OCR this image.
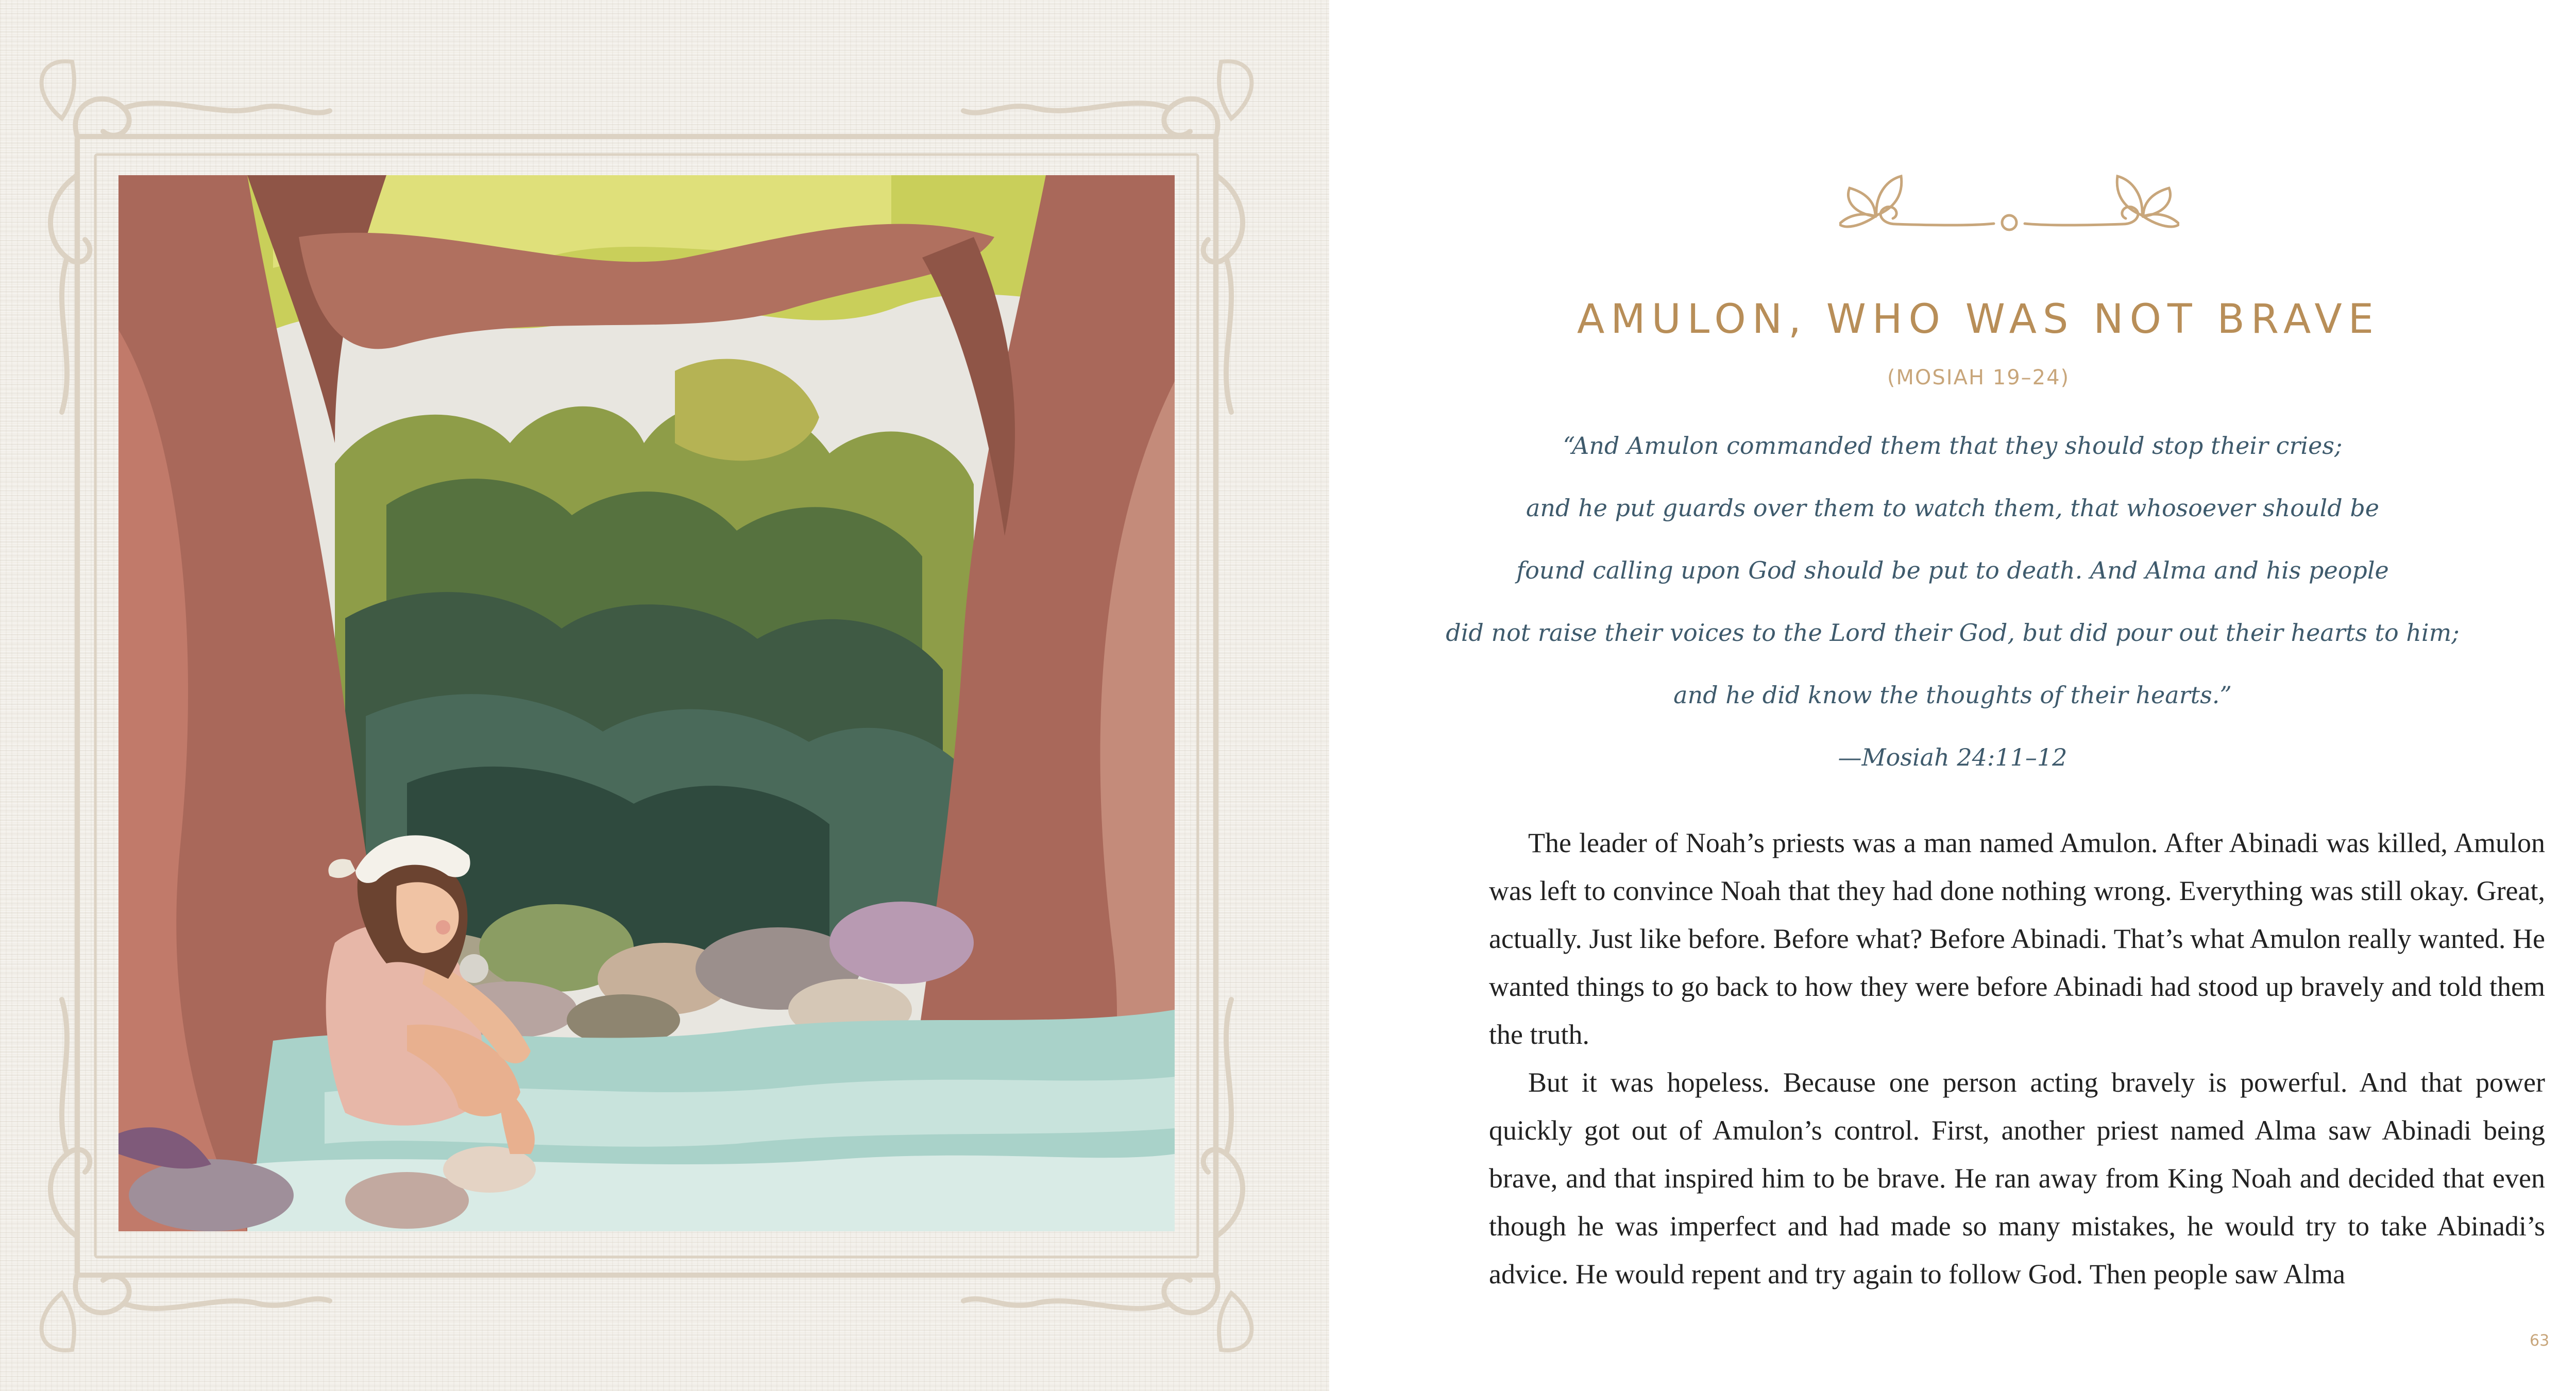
AMULON, WHO WAS NOT BRAVE
(MOSIAH 19–24)
“And Amulon commanded them that they should stop their cries;
and he put guards over them to watch them, that whosoever should be
found calling upon God should be put to death. And Alma and his people
did not raise their voices to the Lord their God, but did pour out their hearts to him;
and he did know the thoughts of their hearts.”
—Mosiah 24:11–12

The leader of Noah’s priests was a man named Amulon. After Abinadi was killed, Amulon was left to convince Noah that they had done nothing wrong. Everything was still okay. Great, actually. Just like before. Before what? Before Abinadi. That’s what Amulon really wanted. He wanted things to go back to how they were before Abinadi had stood up bravely and told them the truth.

But it was hopeless. Because one person acting bravely is powerful. And that power quickly got out of Amulon’s control. First, another priest named Alma saw Abinadi being brave, and that inspired him to be brave. He ran away from King Noah and decided that even though he was imperfect and had made so many mistakes, he would try to take Abinadi’s advice. He would repent and try again to follow God. Then people saw Alma

63
